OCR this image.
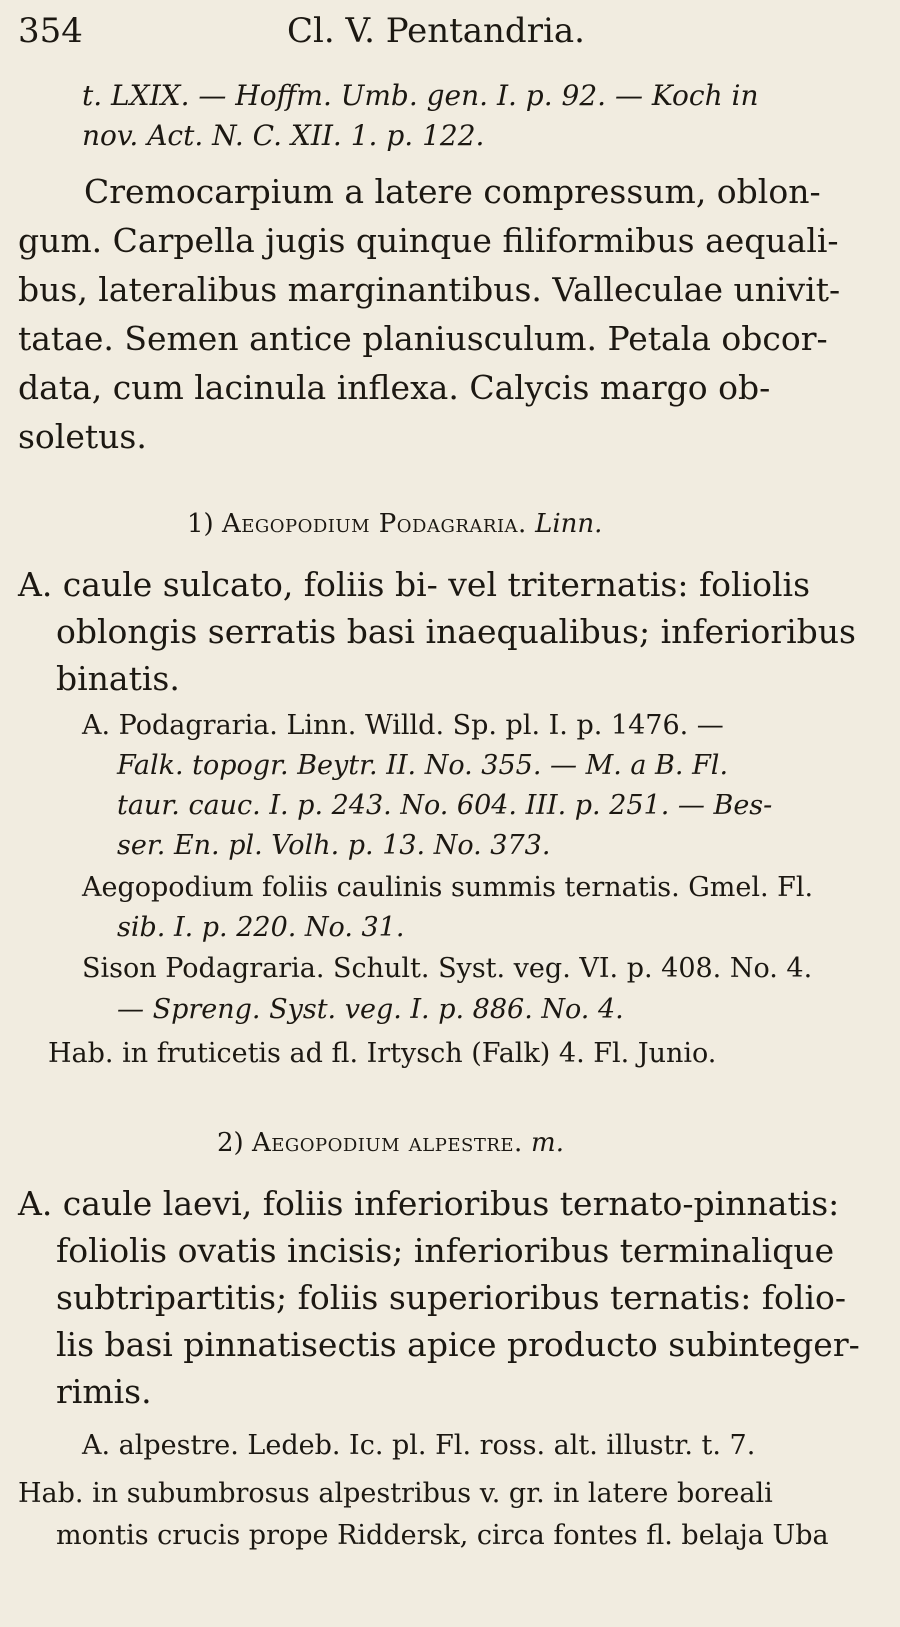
354	Cl. V. Pentandria.
t. LXIX. — Hoffm. Umb. gen. I. p. 92. — Koch in
nov. Act. N. C. XII. 1. p. 122.
Cremocarpium a latere compressum, oblon-
gum. Carpella jugis quinque filiformibus aequali-
bus, lateralibus marginantibus. Valleculae univit-
tatae. Semen antice planiusculum. Petala obcor-
data, cum lacinula inflexa. Calycis margo ob-
soletus.
1) Aegopodium Podagraria. Linn.
A. caule sulcato, foliis bi- vel triternatis: foliolis
oblongis serratis basi inaequalibus; inferioribus
binatis.
A. Podagraria. Linn. Willd. Sp. pl. I. p. 1476. —
Falk. topogr. Beytr. II. No. 355. — M. a B. Fl.
taur. cauc. I. p. 243. No. 604. III. p. 251. — Bes-
ser. En. pl. Volh. p. 13. No. 373.
Aegopodium foliis caulinis summis ternatis. Gmel. Fl.
sib. I. p. 220. No. 31.
Sison Podagraria. Schult. Syst. veg. VI. p. 408. No. 4.
— Spreng. Syst. veg. I. p. 886. No. 4.
Hab. in fruticetis ad fl. Irtysch (Falk) 4. Fl. Junio.
2) Aegopodium alpestre. m.
A. caule laevi, foliis inferioribus ternato-pinnatis:
foliolis ovatis incisis; inferioribus terminalique
subtripartitis; foliis superioribus ternatis: folio-
lis basi pinnatisectis apice producto subinteger-
rimis.
A. alpestre. Ledeb. Ic. pl. Fl. ross. alt. illustr. t. 7.
Hab. in subumbrosus alpestribus v. gr. in latere boreali
montis crucis prope Riddersk, circa fontes fl. belaja Uba
